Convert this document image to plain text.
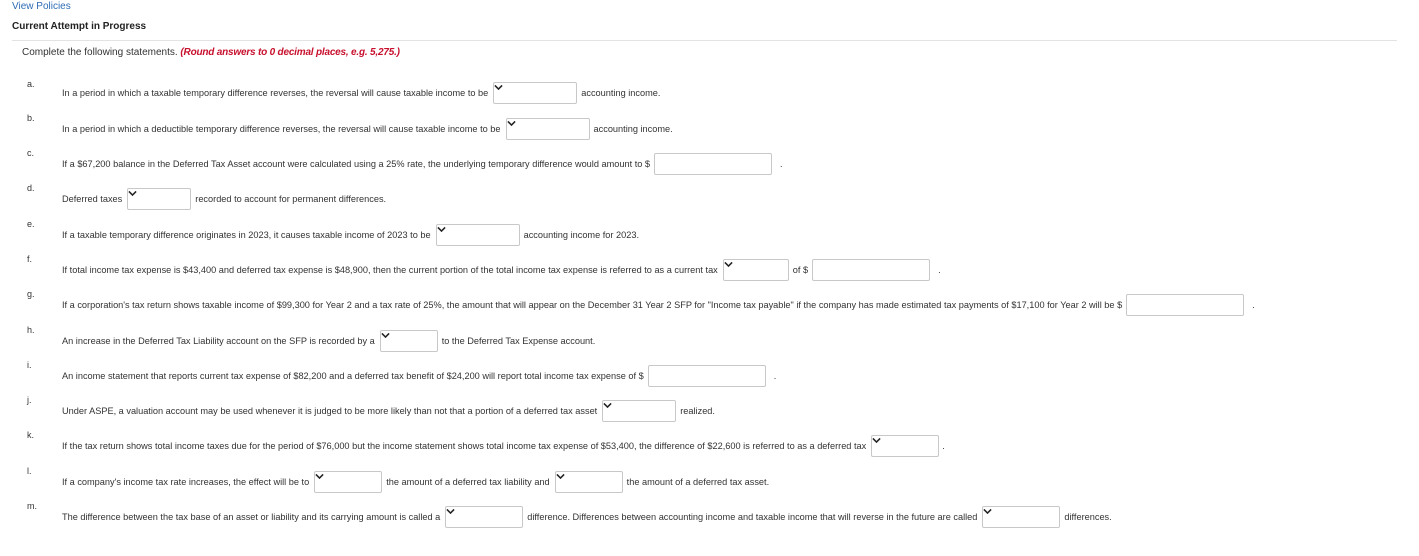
View Policies
Current Attempt in Progress
Complete the following statements. (Round answers to 0 decimal places, e.g. 5,275.)
a.
In a period in which a taxable temporary difference reverses, the reversal will cause taxable income to be	accounting income.
b.
In a period in which a deductible temporary difference reverses, the reversal will cause taxable income to be	accounting income.
c.
If a $67,200 balance in the Deferred Tax Asset account were calculated using a 25% rate, the underlying temporary difference would amount to $	.
d.
Deferred taxes	recorded to account for permanent differences.
e.
If a taxable temporary difference originates in 2023, it causes taxable income of 2023 to be	accounting income for 2023.
f.
If total income tax expense is $43,400 and deferred tax expense is $48,900, then the current portion of the total income tax expense is referred to as a current tax	of $	.
g.
If a corporation's tax return shows taxable income of $99,300 for Year 2 and a tax rate of 25%, the amount that will appear on the December 31 Year 2 SFP for "Income tax payable" if the company has made estimated tax payments of $17,100 for Year 2 will be $	.
h.
An increase in the Deferred Tax Liability account on the SFP is recorded by a	to the Deferred Tax Expense account.
i.
An income statement that reports current tax expense of $82,200 and a deferred tax benefit of $24,200 will report total income tax expense of $	.
j.
Under ASPE, a valuation account may be used whenever it is judged to be more likely than not that a portion of a deferred tax asset	realized.
k.
If the tax return shows total income taxes due for the period of $76,000 but the income statement shows total income tax expense of $53,400, the difference of $22,600 is referred to as a deferred tax	.
l.
If a company's income tax rate increases, the effect will be to	the amount of a deferred tax liability and	the amount of a deferred tax asset.
m.
The difference between the tax base of an asset or liability and its carrying amount is called a	difference. Differences between accounting income and taxable income that will reverse in the future are called	differences.
